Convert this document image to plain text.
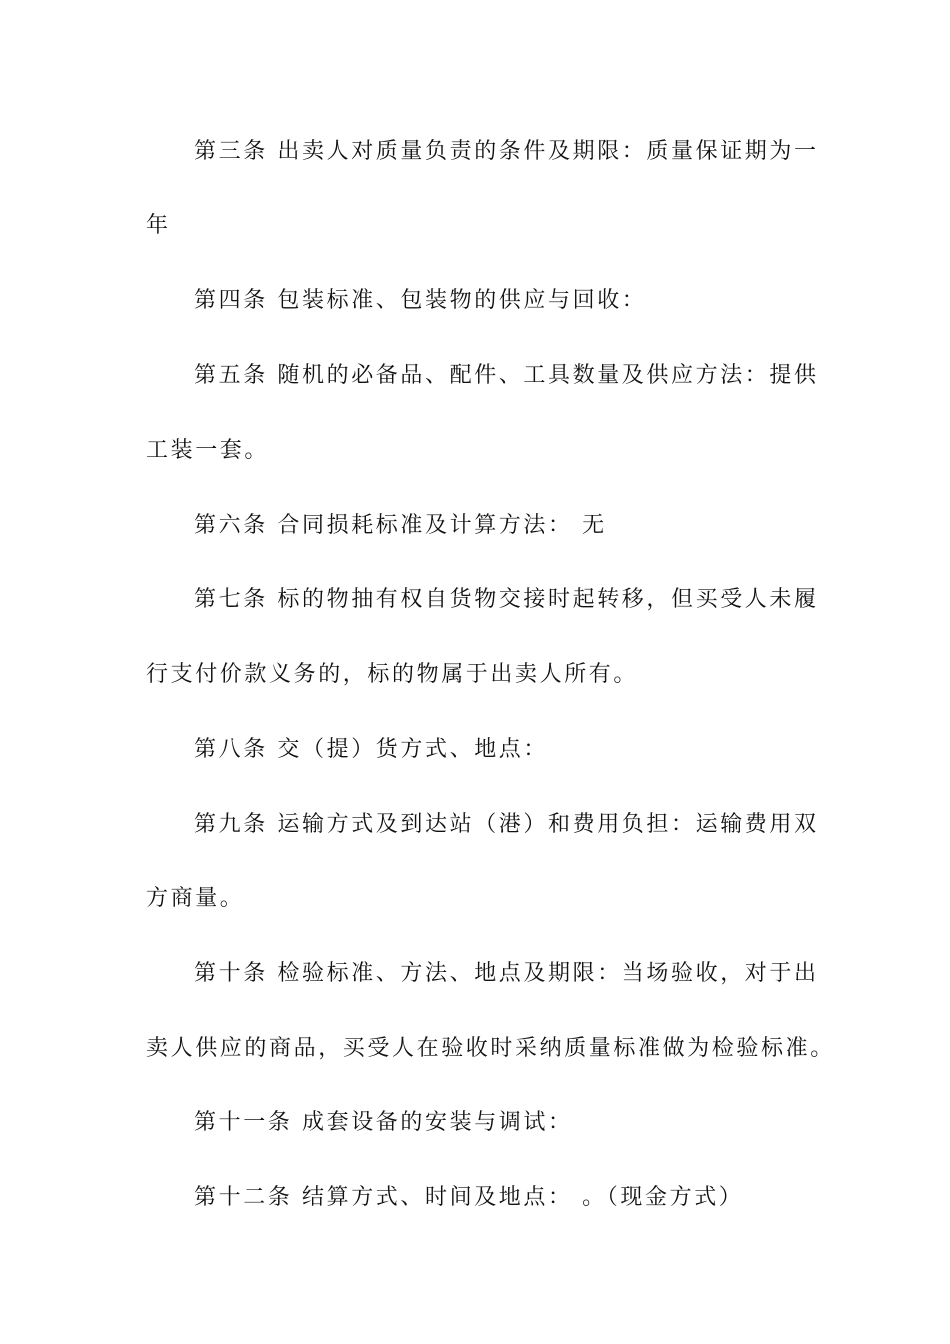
第三条 出卖人对质量负责的条件及期限：质量保证期为一
年
第四条 包装标准、包装物的供应与回收：
第五条 随机的必备品、配件、工具数量及供应方法：提供
工装一套。
第六条 合同损耗标准及计算方法： 无
第七条 标的物抽有权自货物交接时起转移，但买受人未履
行支付价款义务的，标的物属于出卖人所有。
第八条 交（提）货方式、地点：
第九条 运输方式及到达站（港）和费用负担：运输费用双
方商量。
第十条 检验标准、方法、地点及期限：当场验收，对于出
卖人供应的商品，买受人在验收时采纳质量标准做为检验标准。
第十一条 成套设备的安装与调试：
第十二条 结算方式、时间及地点： 。（现金方式）
